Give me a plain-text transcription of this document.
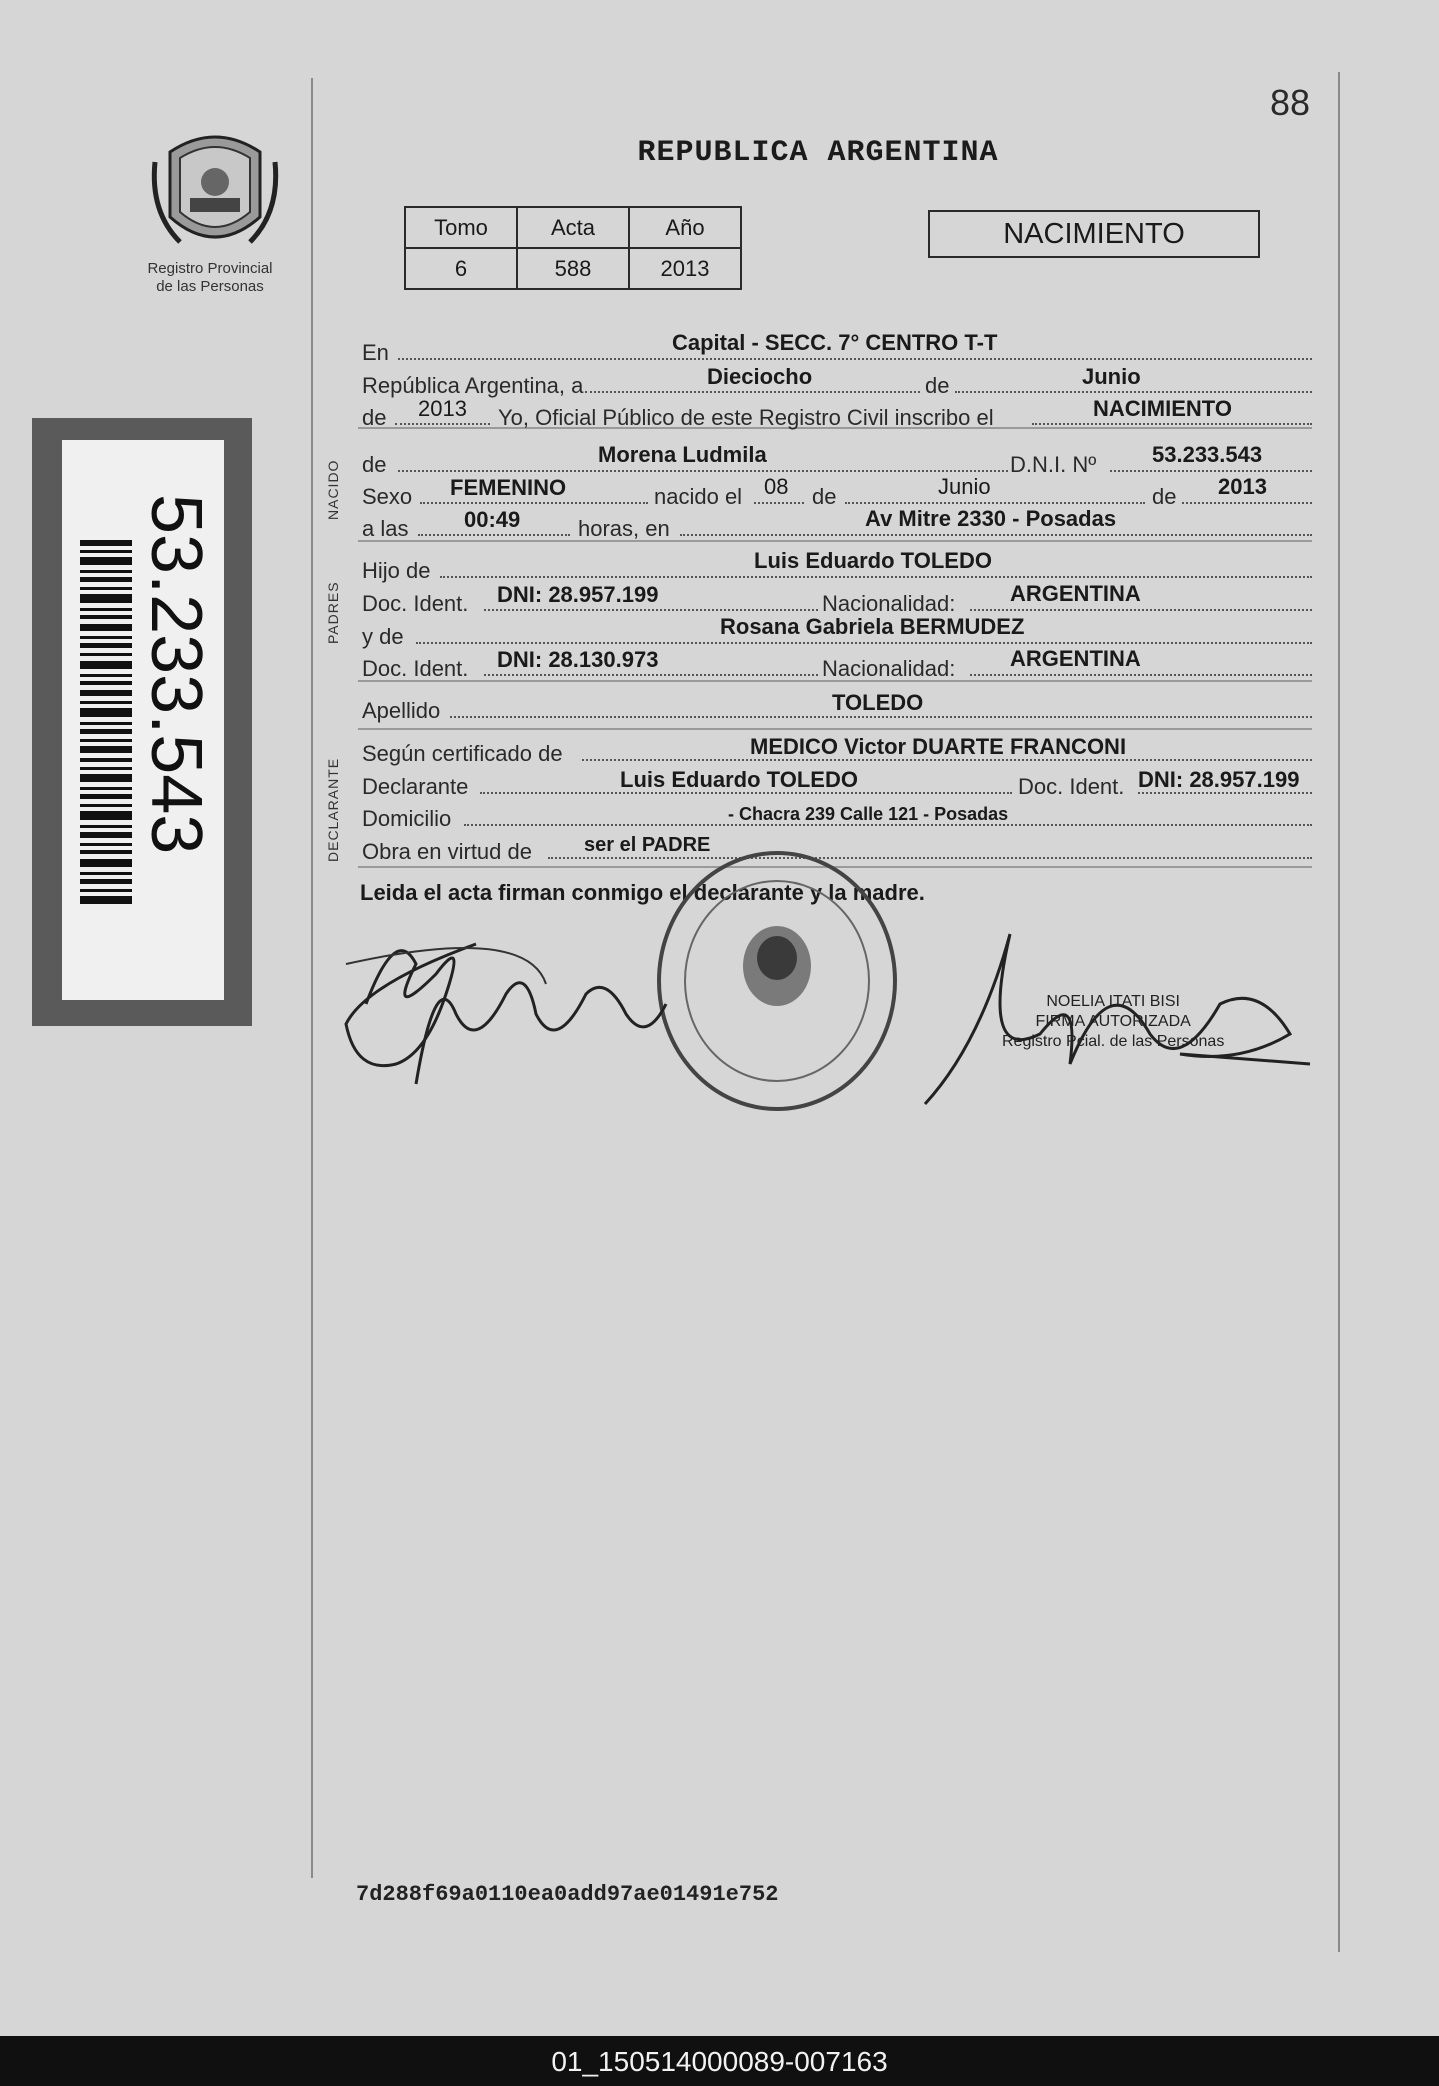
88
REPUBLICA ARGENTINA
Registro Provincial
de las Personas
Tomo	Acta	Año
6	588	2013
NACIMIENTO
53.233.543
NACIDO
PADRES
DECLARANTE
En	Capital - SECC. 7° CENTRO T-T
República Argentina, a	Dieciocho	de	Junio
de 2013 Yo, Oficial Público de este Registro Civil inscribo el	NACIMIENTO
de	Morena Ludmila	D.N.I. Nº	53.233.543
Sexo FEMENINO	nacido el 08 de	Junio	de 2013
a las	00:49	horas, en	Av Mitre 2330 - Posadas
Hijo de	Luis Eduardo TOLEDO
Doc. Ident. DNI: 28.957.199	Nacionalidad: ARGENTINA
y de	Rosana Gabriela BERMUDEZ
Doc. Ident. DNI: 28.130.973	Nacionalidad: ARGENTINA
Apellido	TOLEDO
Según certificado de	MEDICO Victor DUARTE FRANCONI
Declarante	Luis Eduardo TOLEDO	Doc. Ident. DNI: 28.957.199
Domicilio	- Chacra 239 Calle 121 - Posadas
Obra en virtud de	ser el PADRE
Leida el acta firman conmigo el declarante y la madre.
NOELIA ITATI BISI
FIRMA AUTORIZADA
Registro Pcial. de las Personas
7d288f69a0110ea0add97ae01491e752
01_150514000089-007163
